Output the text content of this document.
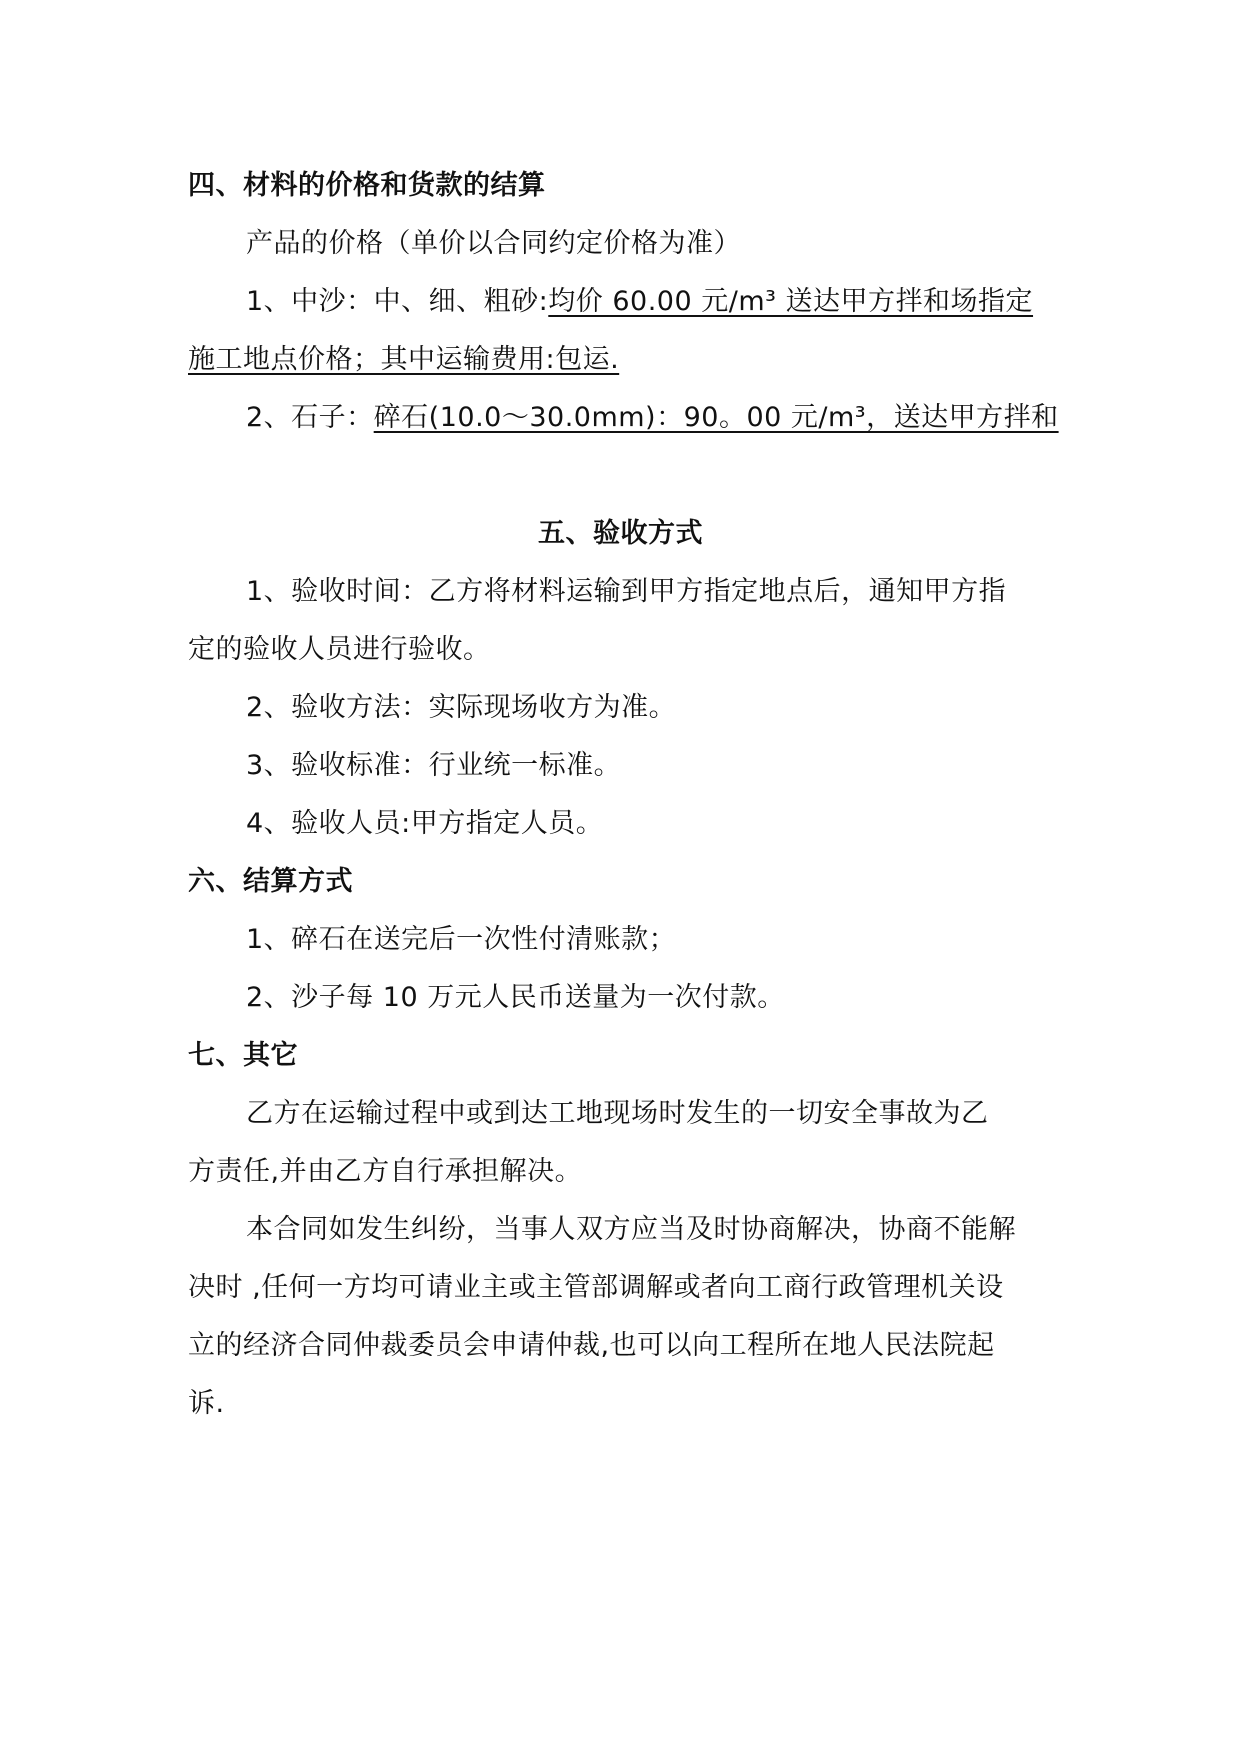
四、材料的价格和货款的结算
产品的价格（单价以合同约定价格为准）
1、中沙：中、细、粗砂:均价 60.00 元/m³ 送达甲方拌和场指定
施工地点价格；其中运输费用:包运.
2、石子：碎石(10.0～30.0mm)：90。00 元/m³，送达甲方拌和
五、验收方式
1、验收时间：乙方将材料运输到甲方指定地点后，通知甲方指
定的验收人员进行验收。
2、验收方法：实际现场收方为准。
3、验收标准：行业统一标准。
4、验收人员:甲方指定人员。
六、结算方式
1、碎石在送完后一次性付清账款；
2、沙子每 10 万元人民币送量为一次付款。
七、其它
乙方在运输过程中或到达工地现场时发生的一切安全事故为乙
方责任,并由乙方自行承担解决。
本合同如发生纠纷，当事人双方应当及时协商解决，协商不能解
决时 ,任何一方均可请业主或主管部调解或者向工商行政管理机关设
立的经济合同仲裁委员会申请仲裁,也可以向工程所在地人民法院起
诉.
